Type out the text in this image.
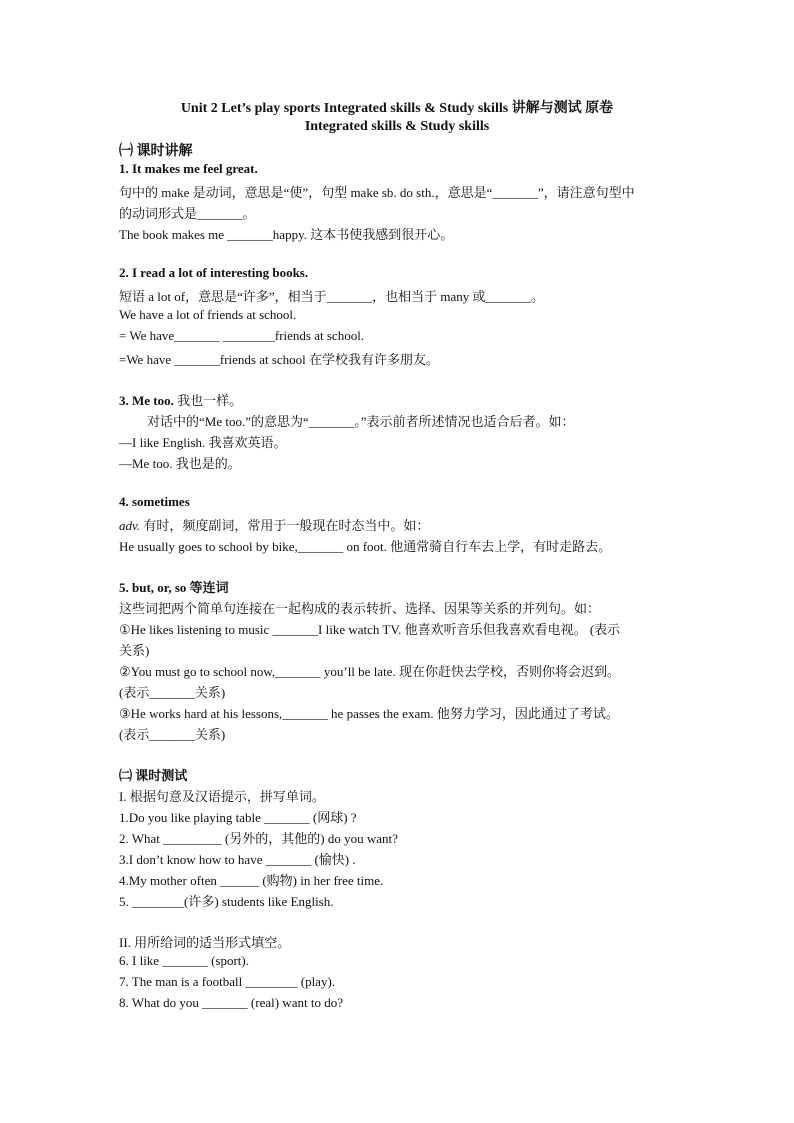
Unit 2 Let’s play sports Integrated skills & Study skills 讲解与测试 原卷
Integrated skills & Study skills
㈠ 课时讲解
1. It makes me feel great.
句中的 make 是动词，意思是“使”，句型 make sb. do sth.，意思是“_______”，请注意句型中
的动词形式是_______。
The book makes me _______happy. 这本书使我感到很开心。
2. I read a lot of interesting books.
短语 a lot of，意思是“许多”，相当于_______，也相当于 many 或_______。
We have a lot of friends at school.
= We have_______ ________friends at school.
=We have _______friends at school 在学校我有许多朋友。
3. Me too. 我也一样。
对话中的“Me too.”的意思为“_______。”表示前者所述情况也适合后者。如：
—I like English. 我喜欢英语。
—Me too. 我也是的。
4. sometimes
adv. 有时，频度副词，常用于一般现在时态当中。如：
He usually goes to school by bike,_______ on foot. 他通常骑自行车去上学，有时走路去。
5. but, or, so 等连词
这些词把两个简单句连接在一起构成的表示转折、选择、因果等关系的并列句。如：
①He likes listening to music _______I like watch TV. 他喜欢听音乐但我喜欢看电视。 (表示
关系)
②You must go to school now,_______ you’ll be late. 现在你赶快去学校，否则你将会迟到。
(表示_______关系)
③He works hard at his lessons,_______ he passes the exam. 他努力学习，因此通过了考试。
(表示_______关系)
㈡ 课时测试
I. 根据句意及汉语提示，拼写单词。
1.Do you like playing table _______ (网球) ?
2. What _________ (另外的，其他的) do you want?
3.I don’t know how to have _______ (愉快) .
4.My mother often ______ (购物) in her free time.
5. ________(许多) students like English.
II. 用所给词的适当形式填空。
6. I like _______ (sport).
7. The man is a football ________ (play).
8. What do you _______ (real) want to do?
